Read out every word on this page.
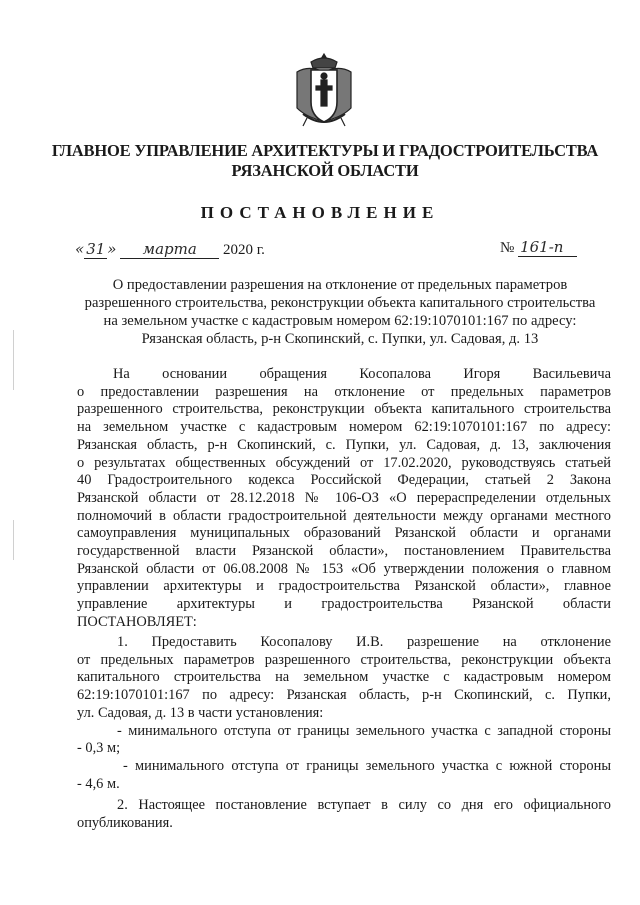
ГЛАВНОЕ УПРАВЛЕНИЕ АРХИТЕКТУРЫ И ГРАДОСТРОИТЕЛЬСТВА
РЯЗАНСКОЙ ОБЛАСТИ
ПОСТАНОВЛЕНИЕ
« 31 » марта 2020 г.	№ 161-п
О предоставлении разрешения на отклонение от предельных параметров
разрешенного строительства, реконструкции объекта капитального строительства
на земельном участке с кадастровым номером 62:19:1070101:167 по адресу:
Рязанская область, р-н Скопинский, с. Пупки, ул. Садовая, д. 13
На основании обращения Косопалова Игоря Васильевича
о предоставлении разрешения на отклонение от предельных параметров
разрешенного строительства, реконструкции объекта капитального строительства
на земельном участке с кадастровым номером 62:19:1070101:167 по адресу:
Рязанская область, р-н Скопинский, с. Пупки, ул. Садовая, д. 13, заключения
о результатах общественных обсуждений от 17.02.2020, руководствуясь статьей
40 Градостроительного кодекса Российской Федерации, статьей 2 Закона
Рязанской области от 28.12.2018 № 106-ОЗ «О перераспределении отдельных
полномочий в области градостроительной деятельности между органами местного
самоуправления муниципальных образований Рязанской области и органами
государственной власти Рязанской области», постановлением Правительства
Рязанской области от 06.08.2008 № 153 «Об утверждении положения о главном
управлении архитектуры и градостроительства Рязанской области», главное
управление архитектуры и градостроительства Рязанской области
ПОСТАНОВЛЯЕТ:
1. Предоставить Косопалову И.В. разрешение на отклонение
от предельных параметров разрешенного строительства, реконструкции объекта
капитального строительства на земельном участке с кадастровым номером
62:19:1070101:167 по адресу: Рязанская область, р-н Скопинский, с. Пупки,
ул. Садовая, д. 13 в части установления:
- минимального отступа от границы земельного участка с западной стороны
- 0,3 м;
- минимального отступа от границы земельного участка с южной стороны
- 4,6 м.
2. Настоящее постановление вступает в силу со дня его официального
опубликования.
